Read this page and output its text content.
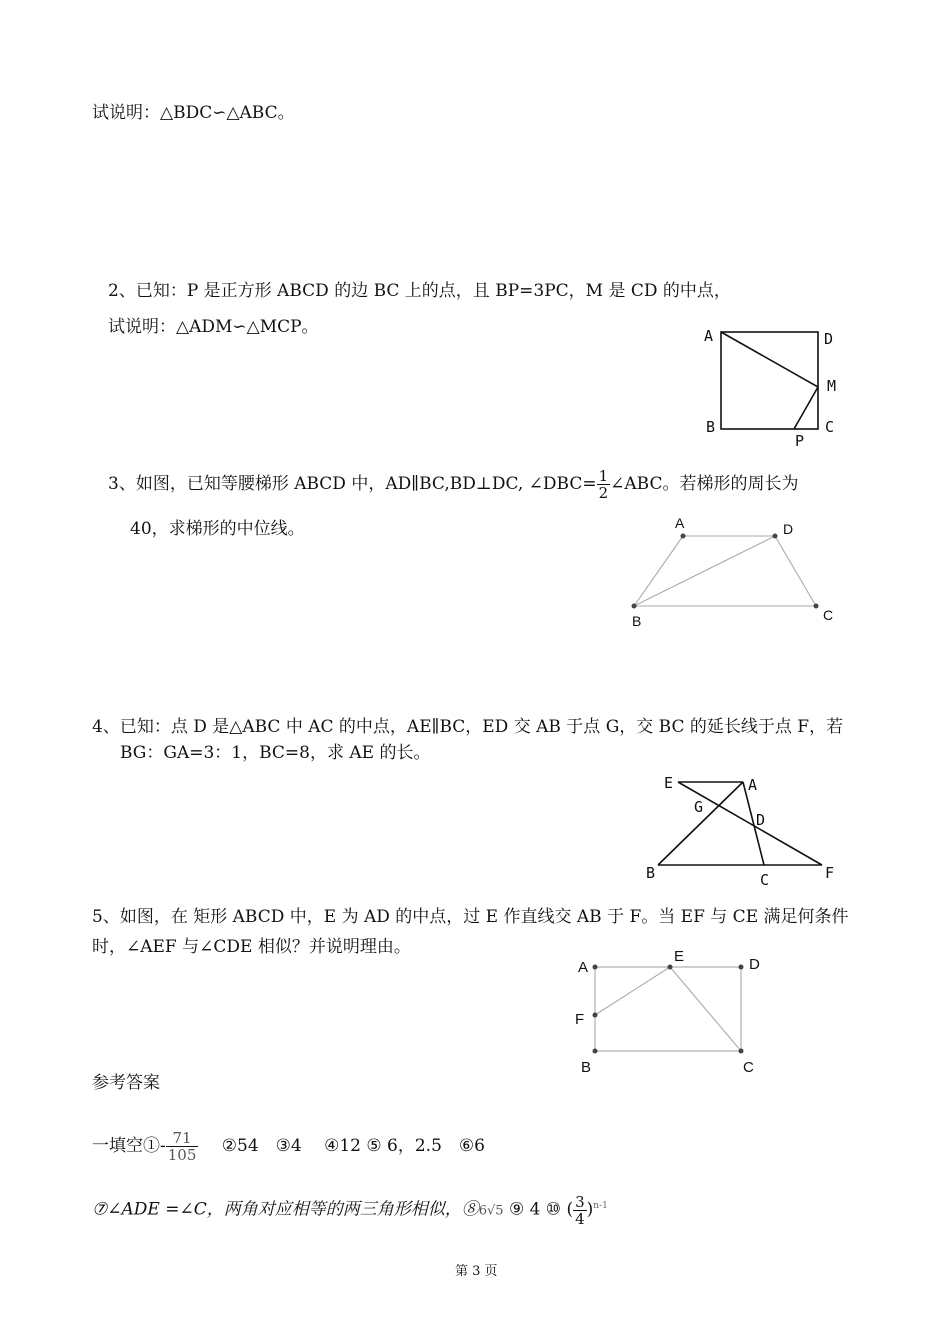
试说明：△BDC∽△ABC。
2、已知：P 是正方形 ABCD 的边 BC 上的点，且 BP=3PC，M 是 CD 的中点，
试说明：△ADM∽△MCP。	A	D
M
B	C
P
3、如图，已知等腰梯形 ABCD 中，AD∥BC,BD⊥DC, ∠DBC= $\frac{1}{2}$ ∠ABC。若梯形的周长为
40，求梯形的中位线。	A	D
B	C
4、已知：点 D 是△ABC 中 AC 的中点，AE∥BC，ED 交 AB 于点 G，交 BC 的延长线于点 F，若
BG：GA=3：1，BC=8，求 AE 的长。
E	A
G
D
B	C	F
5、如图，在 矩形 ABCD 中，E 为 AD 的中点，过 E 作直线交 AB 于 F。当 EF 与 CE 满足何条件
时，∠AEF 与∠CDE 相似？并说明理由。
A
E	D
F
B	C
参考答案
一填空①- $\frac{71}{105}$ ②54　③4　 ④12 ⑤ 6，2.5　⑥6
⑦∠ADE =∠C，两角对应相等的两三角形相似，⑧6√5 ⑨ 4 ⑩ ( $\frac{3}{4} )^{n-1}$
第 3 页
